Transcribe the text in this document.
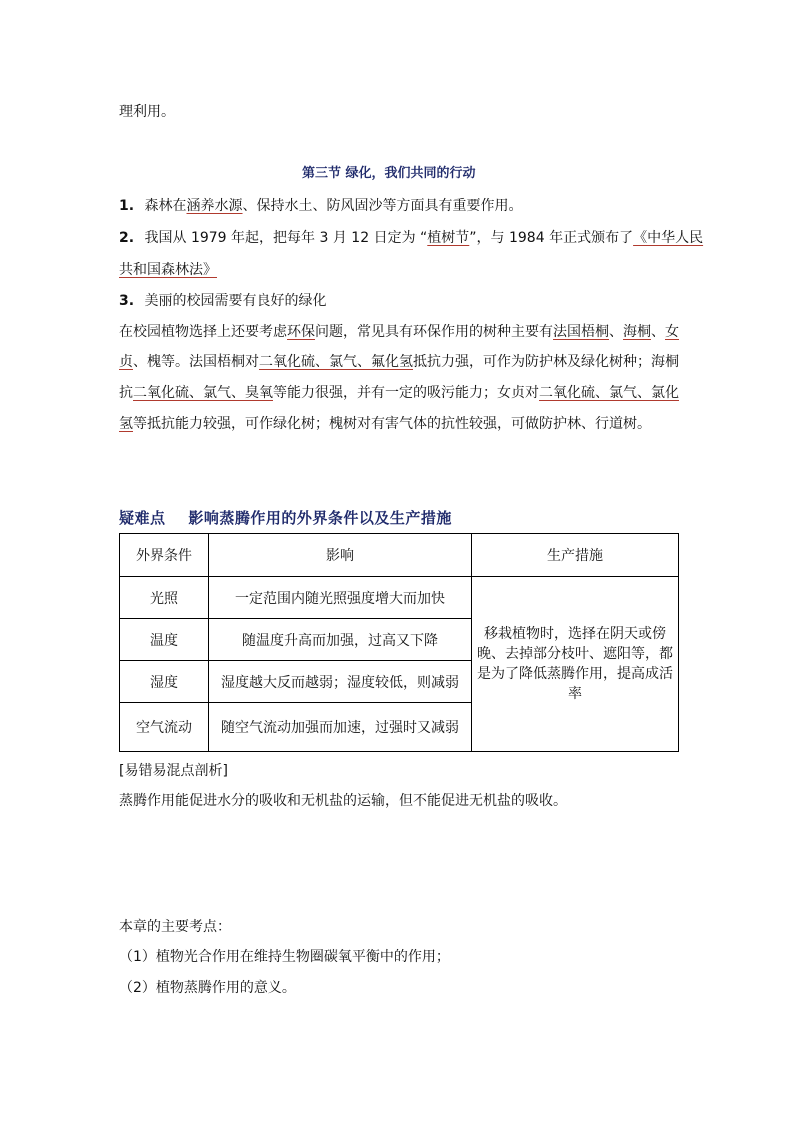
理利用。
第三节 绿化，我们共同的行动
1. 森林在涵养水源、保持水土、防风固沙等方面具有重要作用。
2. 我国从 1979 年起，把每年 3 月 12 日定为 “植树节”，与 1984 年正式颁布了《中华人民
共和国森林法》
3. 美丽的校园需要有良好的绿化
在校园植物选择上还要考虑环保问题，常见具有环保作用的树种主要有法国梧桐、海桐、女
贞、槐等。法国梧桐对二氧化硫、氯气、氟化氢抵抗力强，可作为防护林及绿化树种；海桐
抗二氧化硫、氯气、臭氧等能力很强，并有一定的吸污能力；女贞对二氧化硫、氯气、氯化
氢等抵抗能力较强，可作绿化树；槐树对有害气体的抗性较强，可做防护林、行道树。
疑难点    影响蒸腾作用的外界条件以及生产措施
外界条件	影响	生产措施
光照	一定范围内随光照强度增大而加快	移栽植物时，选择在阴天或傍晚、去掉部分枝叶、遮阳等，都是为了降低蒸腾作用，提高成活率
温度	随温度升高而加强，过高又下降	
湿度	湿度越大反而越弱；湿度较低，则减弱	
空气流动	随空气流动加强而加速，过强时又减弱	
[易错易混点剖析]
蒸腾作用能促进水分的吸收和无机盐的运输，但不能促进无机盐的吸收。
本章的主要考点：
（1）植物光合作用在维持生物圈碳氧平衡中的作用；
（2）植物蒸腾作用的意义。
